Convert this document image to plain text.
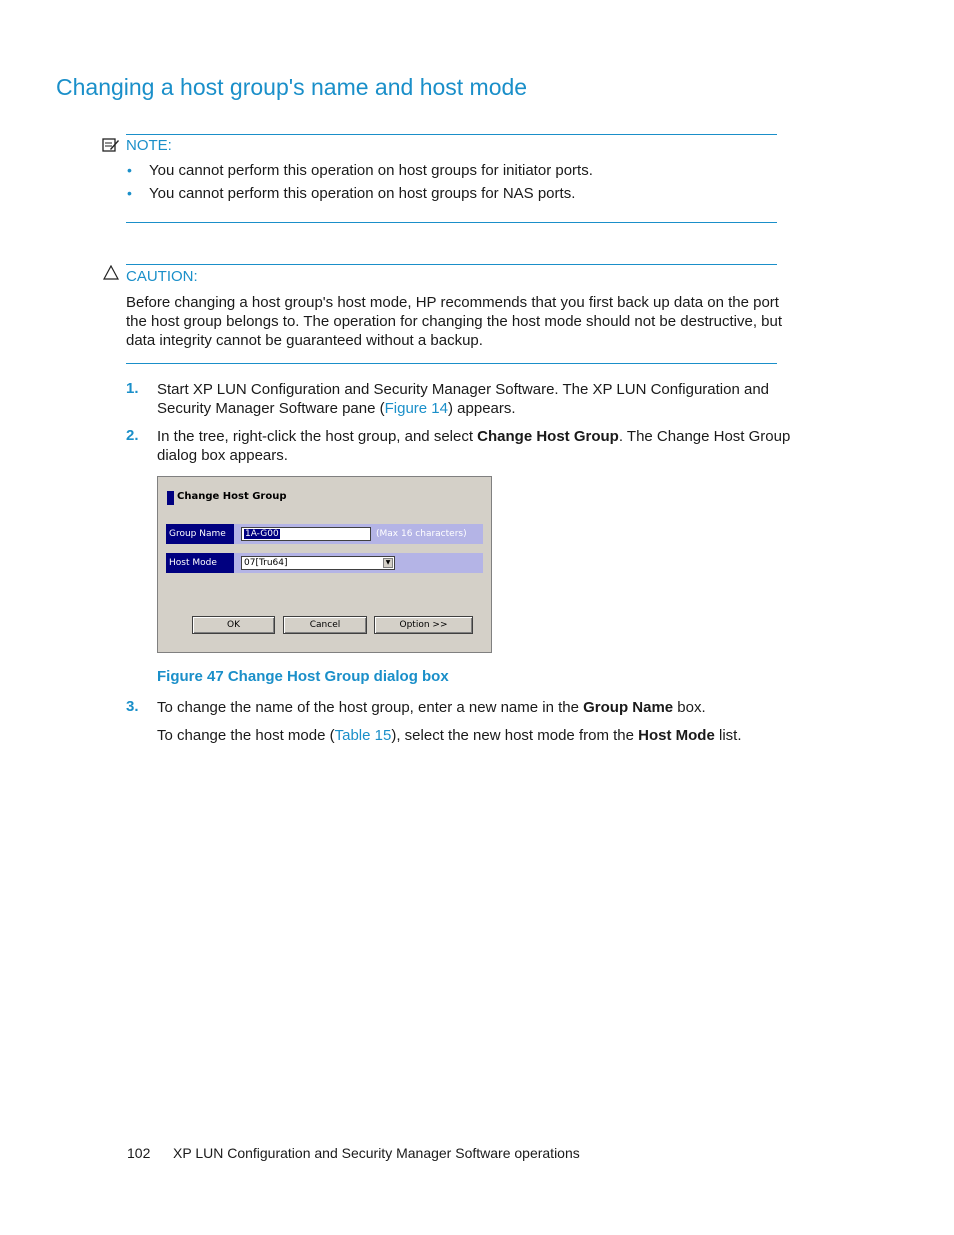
Changing a host group's name and host mode
NOTE:
• You cannot perform this operation on host groups for initiator ports.
• You cannot perform this operation on host groups for NAS ports.
CAUTION:
Before changing a host group's host mode, HP recommends that you first back up data on the port
the host group belongs to. The operation for changing the host mode should not be destructive, but
data integrity cannot be guaranteed without a backup.
1. Start XP LUN Configuration and Security Manager Software. The XP LUN Configuration and
Security Manager Software pane (Figure 14) appears.
2. In the tree, right-click the host group, and select Change Host Group. The Change Host Group
dialog box appears.
Change Host Group
Group Name	1A-G00	(Max 16 characters)
Host Mode	07[Tru64]	▼
OK	Cancel	Option >>
Figure 47 Change Host Group dialog box
3. To change the name of the host group, enter a new name in the Group Name box.
To change the host mode (Table 15), select the new host mode from the Host Mode list.
102 XP LUN Configuration and Security Manager Software operations
